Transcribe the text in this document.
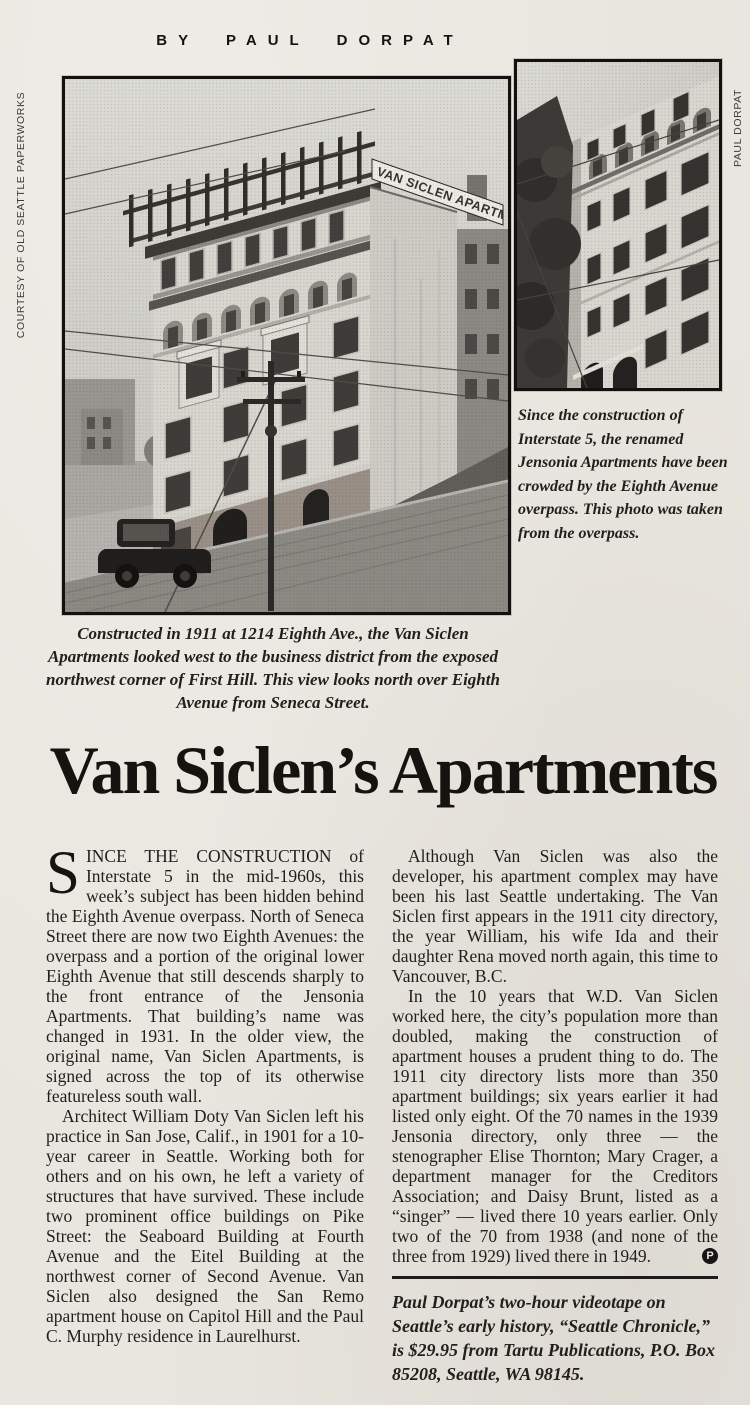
BY PAUL DORPAT
COURTESY OF OLD SEATTLE PAPERWORKS	PAUL DORPAT
Since the construction of Interstate 5, the renamed Jensonia Apartments have been crowded by the Eighth Avenue overpass. This photo was taken from the overpass.
Constructed in 1911 at 1214 Eighth Ave., the Van Siclen Apartments looked west to the business district from the exposed northwest corner of First Hill. This view looks north over Eighth Avenue from Seneca Street.
Van Siclen’s Apartments

SINCE THE CONSTRUCTION of Interstate 5 in the mid-1960s, this week’s subject has been hidden behind the Eighth Avenue overpass. North of Seneca Street there are now two Eighth Avenues: the overpass and a portion of the original lower Eighth Avenue that still descends sharply to the front entrance of the Jensonia Apartments. That building’s name was changed in 1931. In the older view, the original name, Van Siclen Apartments, is signed across the top of its otherwise featureless south wall.

Architect William Doty Van Siclen left his practice in San Jose, Calif., in 1901 for a 10-year career in Seattle. Working both for others and on his own, he left a variety of structures that have survived. These include two prominent office buildings on Pike Street: the Seaboard Building at Fourth Avenue and the Eitel Building at the northwest corner of Second Avenue. Van Siclen also designed the San Remo apartment house on Capitol Hill and the Paul C. Murphy residence in Laurelhurst.

Although Van Siclen was also the developer, his apartment complex may have been his last Seattle undertaking. The Van Siclen first appears in the 1911 city directory, the year William, his wife Ida and their daughter Rena moved north again, this time to Vancouver, B.C.

In the 10 years that W.D. Van Siclen worked here, the city’s population more than doubled, making the construction of apartment houses a prudent thing to do. The 1911 city directory lists more than 350 apartment buildings; six years earlier it had listed only eight. Of the 70 names in the 1939 Jensonia directory, only three — the stenographer Elise Thornton; Mary Crager, a department manager for the Creditors Association; and Daisy Brunt, listed as a “singer” — lived there 10 years earlier. Only two of the 70 from 1938 (and none of the three from 1929) lived there in 1949.	P
Paul Dorpat’s two-hour videotape on Seattle’s early history, “Seattle Chronicle,” is $29.95 from Tartu Publications, P.O. Box 85208, Seattle, WA 98145.
